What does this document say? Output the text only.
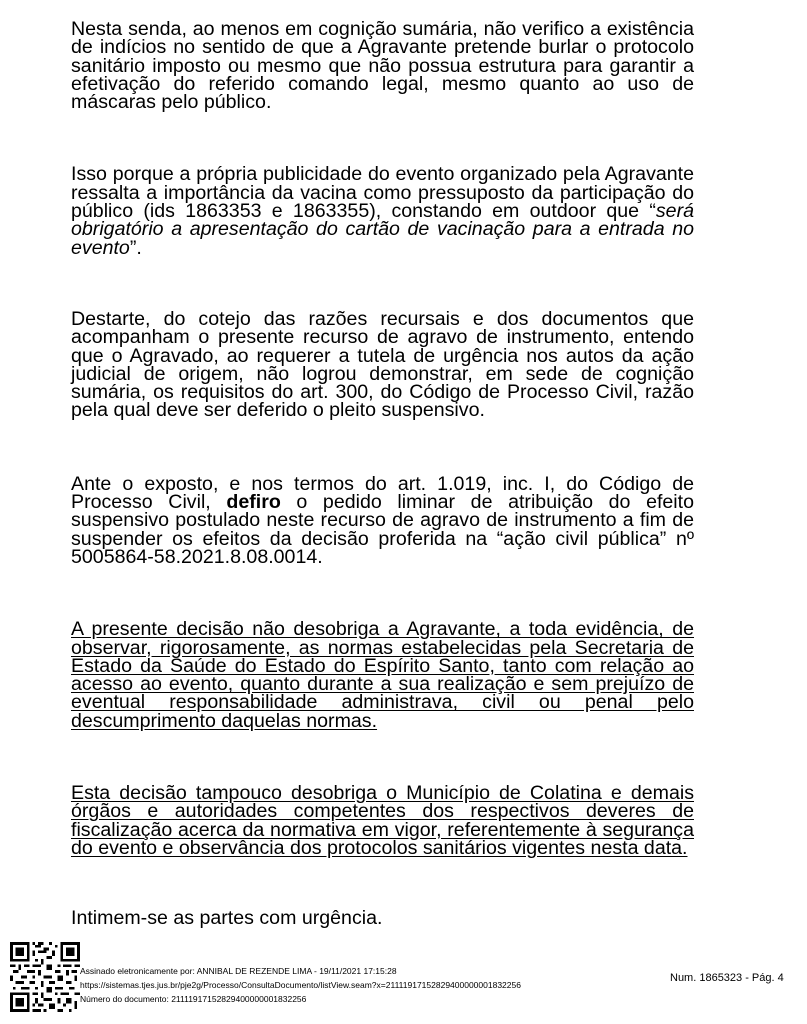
Nesta senda, ao menos em cognição sumária, não verifico a existência de indícios no sentido de que a Agravante pretende burlar o protocolo sanitário imposto ou mesmo que não possua estrutura para garantir a efetivação do referido comando legal, mesmo quanto ao uso de máscaras pelo público.

Isso porque a própria publicidade do evento organizado pela Agravante ressalta a importância da vacina como pressuposto da participação do público (ids 1863353 e 1863355), constando em outdoor que “será obrigatório a apresentação do cartão de vacinação para a entrada no evento”.

Destarte, do cotejo das razões recursais e dos documentos que acompanham o presente recurso de agravo de instrumento, entendo que o Agravado, ao requerer a tutela de urgência nos autos da ação judicial de origem, não logrou demonstrar, em sede de cognição sumária, os requisitos do art. 300, do Código de Processo Civil, razão pela qual deve ser deferido o pleito suspensivo.

Ante o exposto, e nos termos do art. 1.019, inc. I, do Código de Processo Civil, defiro o pedido liminar de atribuição do efeito suspensivo postulado neste recurso de agravo de instrumento a fim de suspender os efeitos da decisão proferida na “ação civil pública” nº 5005864-58.2021.8.08.0014.

A presente decisão não desobriga a Agravante, a toda evidência, de observar, rigorosamente, as normas estabelecidas pela Secretaria de Estado da Saúde do Estado do Espírito Santo, tanto com relação ao acesso ao evento, quanto durante a sua realização e sem prejuízo de eventual responsabilidade administrava, civil ou penal pelo descumprimento daquelas normas.

Esta decisão tampouco desobriga o Município de Colatina e demais órgãos e autoridades competentes dos respectivos deveres de fiscalização acerca da normativa em vigor, referentemente à segurança do evento e observância dos protocolos sanitários vigentes nesta data.

Intimem-se as partes com urgência.

Assinado eletronicamente por: ANNIBAL DE REZENDE LIMA - 19/11/2021 17:15:28
https://sistemas.tjes.jus.br/pje2g/Processo/ConsultaDocumento/listView.seam?x=21111917152829400000001832256
Número do documento: 21111917152829400000001832256
Num. 1865323 - Pág. 4
